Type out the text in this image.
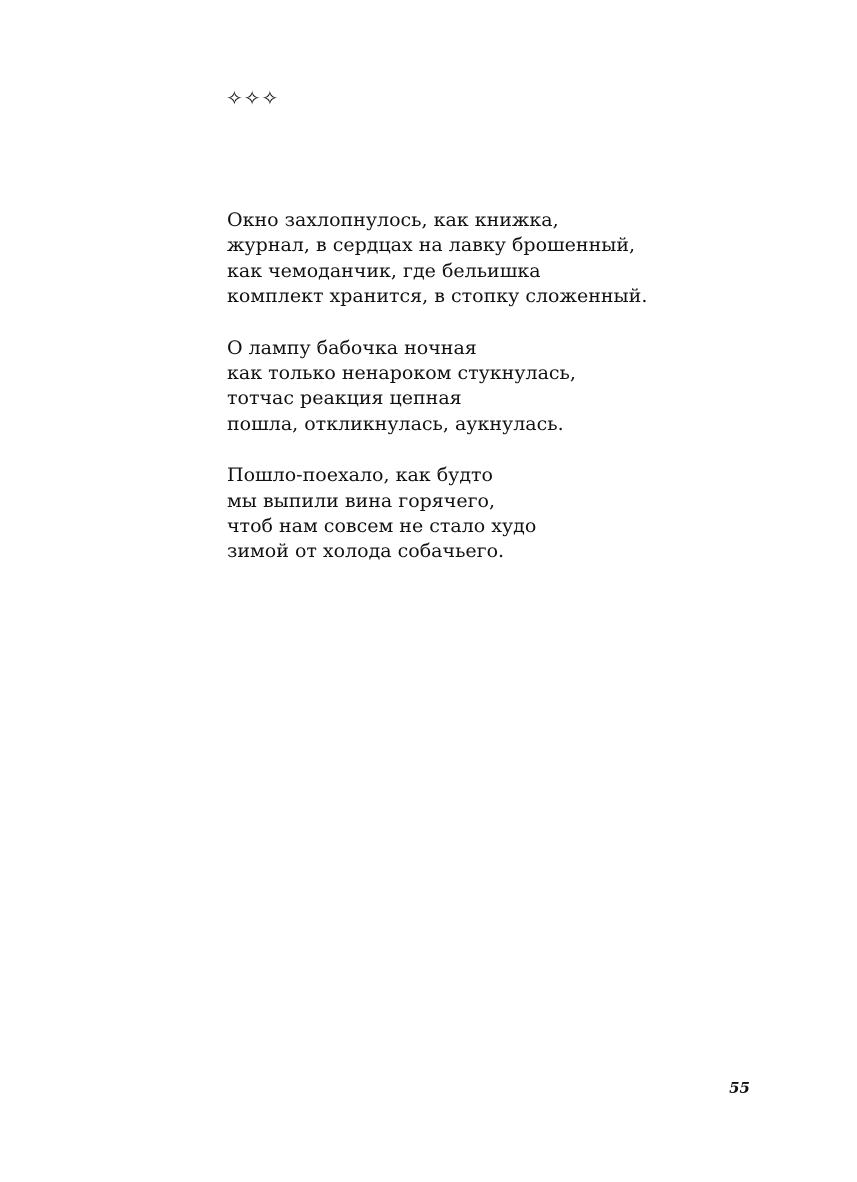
✧✧✧
Окно захлопнулось, как книжка,
журнал, в сердцах на лавку брошенный,
как чемоданчик, где бельишка
комплект хранится, в стопку сложенный.
О лампу бабочка ночная
как только ненароком стукнулась,
тотчас реакция цепная
пошла, откликнулась, аукнулась.
Пошло-поехало, как будто
мы выпили вина горячего,
чтоб нам совсем не стало худо
зимой от холода собачьего.
55
